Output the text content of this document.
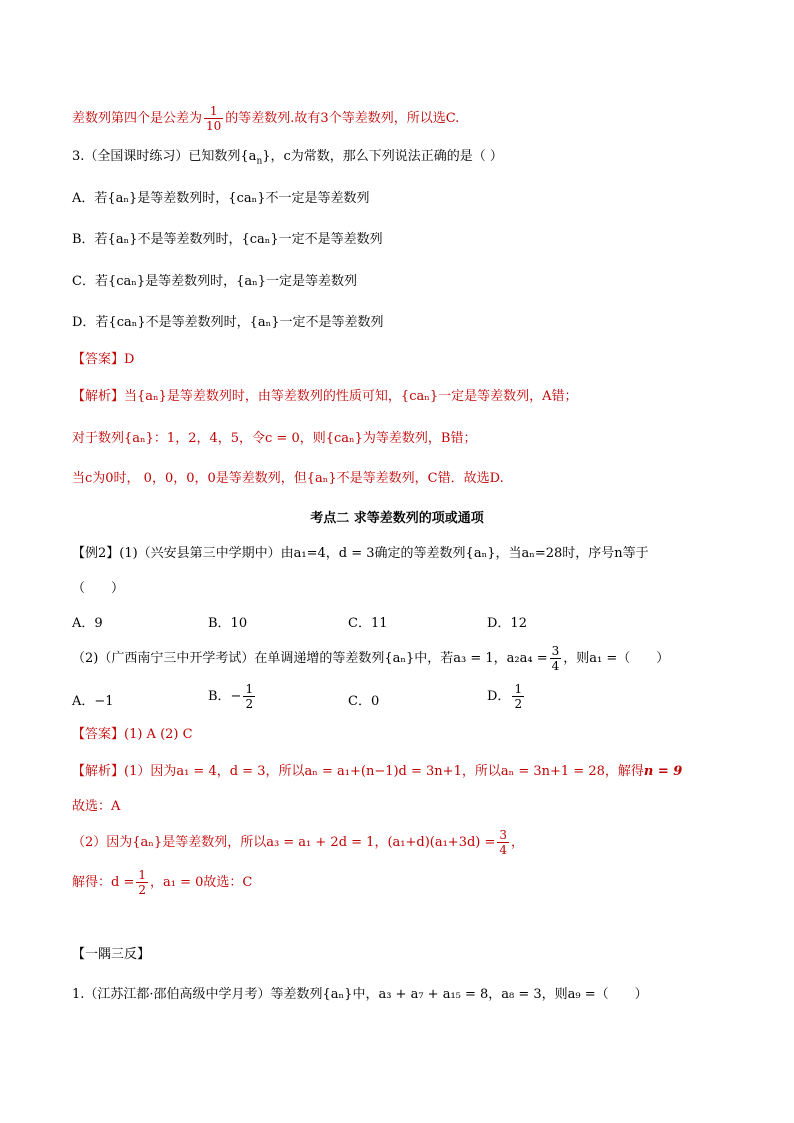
差数列第四个是公差为 $\frac{1}{10}$ 的等差数列.故有3个等差数列，所以选C.
3.（全国课时练习）已知数列$\{a_n\}$，c为常数，那么下列说法正确的是（ ）
A．若{aₙ}是等差数列时，{caₙ}不一定是等差数列
B．若{aₙ}不是等差数列时，{caₙ}一定不是等差数列
C．若{caₙ}是等差数列时，{aₙ}一定是等差数列
D．若{caₙ}不是等差数列时，{aₙ}一定不是等差数列
【答案】D
【解析】当{aₙ}是等差数列时，由等差数列的性质可知，{caₙ}一定是等差数列，A错；
对于数列{aₙ}：1，2，4，5，令c = 0，则{caₙ}为等差数列，B错；
当c为0时， 0，0，0，0是等差数列，但{aₙ}不是等差数列，C错．故选D.
考点二 求等差数列的项或通项
【例2】(1)（兴安县第三中学期中）由a₁=4，d = 3确定的等差数列{aₙ}，当aₙ=28时，序号n等于
（　　）
A．9	B．10	C．11	D．12
（2)（广西南宁三中开学考试）在单调递增的等差数列{aₙ}中，若a₃ = 1，$a_2a_4 = \frac{3}{4}$ ，则a₁ =（　　）
A．−1	B．− $\frac{1}{2}$	C．0	D． $\frac{1}{2}$
【答案】(1) A (2) C
【解析】(1）因为a₁ = 4，d = 3，所以aₙ = a₁+(n−1)d = 3n+1，所以aₙ = 3n+1 = 28，解得n = 9
故选：A
（2）因为{aₙ}是等差数列，所以a₃ = a₁ + 2d = 1，$(a_1+d)(a_1+3d) = \frac{3}{4}$ ，
解得：$d = \frac{1}{2}$ ，a₁ = 0故选：C
【一隅三反】
1.（江苏江都·邵伯高级中学月考）等差数列{aₙ}中，a₃ + a₇ + a₁₅ = 8，a₈ = 3，则a₉ =（　　）
